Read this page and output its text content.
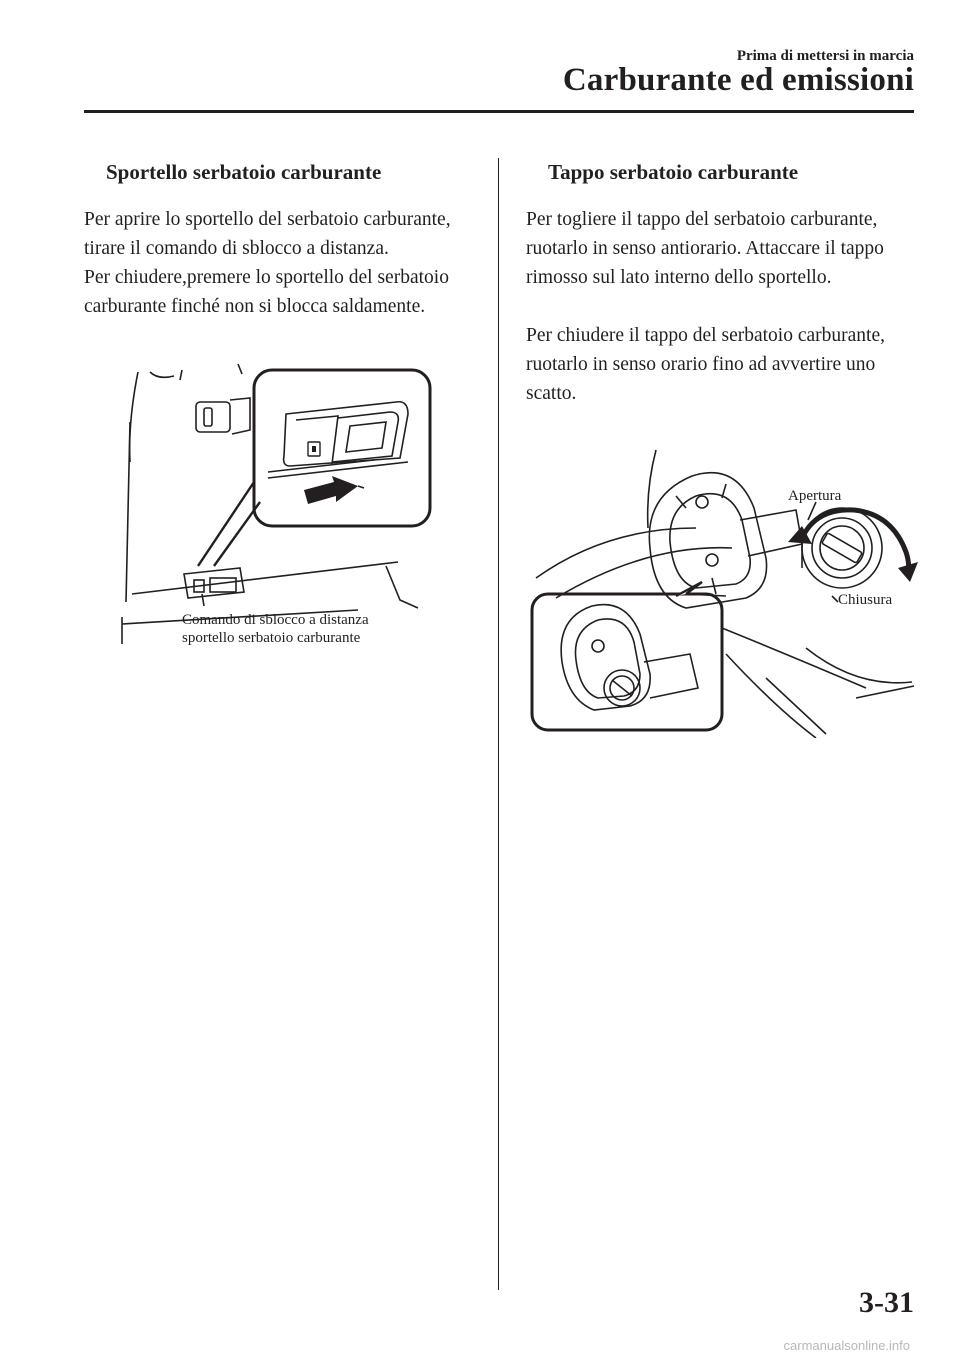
Prima di mettersi in marcia
Carburante ed emissioni
Sportello serbatoio carburante

Per aprire lo sportello del serbatoio carburante, tirare il comando di sblocco a distanza.

Per chiudere,premere lo sportello del serbatoio carburante finché non si blocca saldamente.

Tappo serbatoio carburante

Per togliere il tappo del serbatoio carburante, ruotarlo in senso antiorario. Attaccare il tappo rimosso sul lato interno dello sportello.

Per chiudere il tappo del serbatoio carburante, ruotarlo in senso orario fino ad avvertire uno scatto.

Comando di sblocco a distanza
sportello serbatoio carburante
Apertura
Chiusura
3-31
carmanualsonline.info
